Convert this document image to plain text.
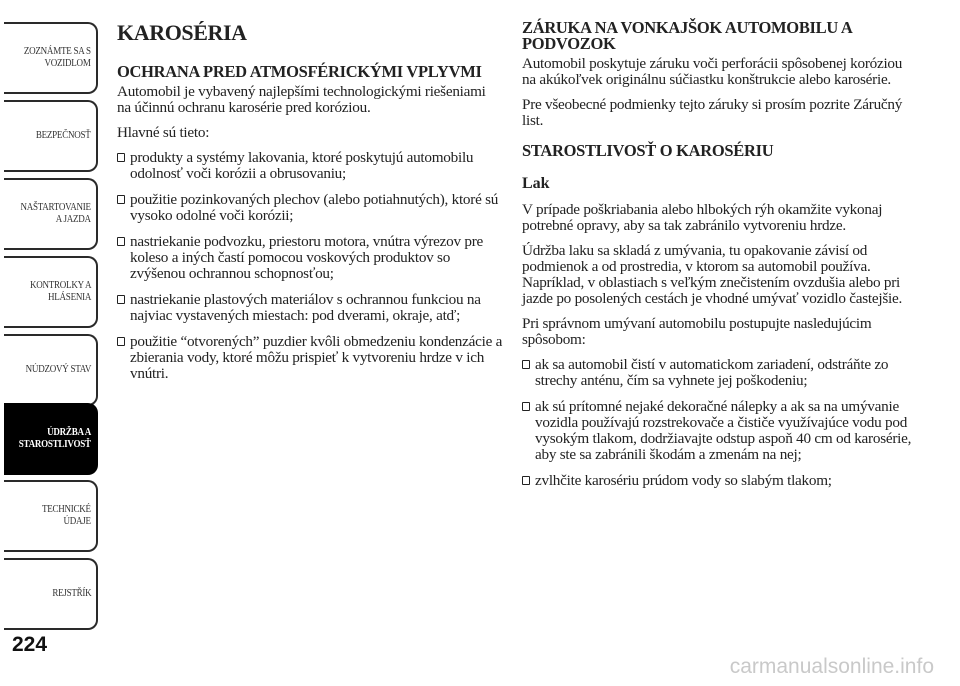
ZOZNÁMTE SA S
VOZIDLOM
BEZPEČNOSŤ
NAŠTARTOVANIE
A JAZDA
KONTROLKY A
HLÁSENIA
NÚDZOVÝ STAV
ÚDRŽBA A
STAROSTLIVOSŤ
TECHNICKÉ
ÚDAJE
REJSTŘÍK
224
KAROSÉRIA
OCHRANA PRED ATMOSFÉRICKÝMI VPLYVMI

Automobil je vybavený najlepšími technologickými riešeniami na účinnú ochranu karosérie pred koróziou.

Hlavné sú tieto:

produkty a systémy lakovania, ktoré poskytujú automobilu odolnosť voči korózii a obrusovaniu;
použitie pozinkovaných plechov (alebo potiahnutých), ktoré sú vysoko odolné voči korózii;
nastriekanie podvozku, priestoru motora, vnútra výrezov pre koleso a iných častí pomocou voskových produktov so zvýšenou ochrannou schopnosťou;
nastriekanie plastových materiálov s ochrannou funkciou na najviac vystavených miestach: pod dverami, okraje, atď;
použitie “otvorených” puzdier kvôli obmedzeniu kondenzácie a zbierania vody, ktoré môžu prispieť k vytvoreniu hrdze v ich vnútri.
ZÁRUKA NA VONKAJŠOK AUTOMOBILU A PODVOZOK

Automobil poskytuje záruku voči perforácii spôsobenej koróziou na akúkoľvek originálnu súčiastku konštrukcie alebo karosérie.

Pre všeobecné podmienky tejto záruky si prosím pozrite Záručný list.

STAROSTLIVOSŤ O KAROSÉRIU
Lak

V prípade poškriabania alebo hlbokých rýh okamžite vykonaj potrebné opravy, aby sa tak zabránilo vytvoreniu hrdze.

Údržba laku sa skladá z umývania, tu opakovanie závisí od podmienok a od prostredia, v ktorom sa automobil používa. Napríklad, v oblastiach s veľkým znečistením ovzdušia alebo pri jazde po posolených cestách je vhodné umývať vozidlo častejšie.

Pri správnom umývaní automobilu postupujte nasledujúcim spôsobom:

ak sa automobil čistí v automatickom zariadení, odstráňte zo strechy anténu, čím sa vyhnete jej poškodeniu;
ak sú prítomné nejaké dekoračné nálepky a ak sa na umývanie vozidla používajú rozstrekovače a čističe využívajúce vodu pod vysokým tlakom, dodržiavajte odstup aspoň 40 cm od karosérie, aby ste sa zabránili škodám a zmenám na nej;
zvlhčite karosériu prúdom vody so slabým tlakom;
carmanualsonline.info
